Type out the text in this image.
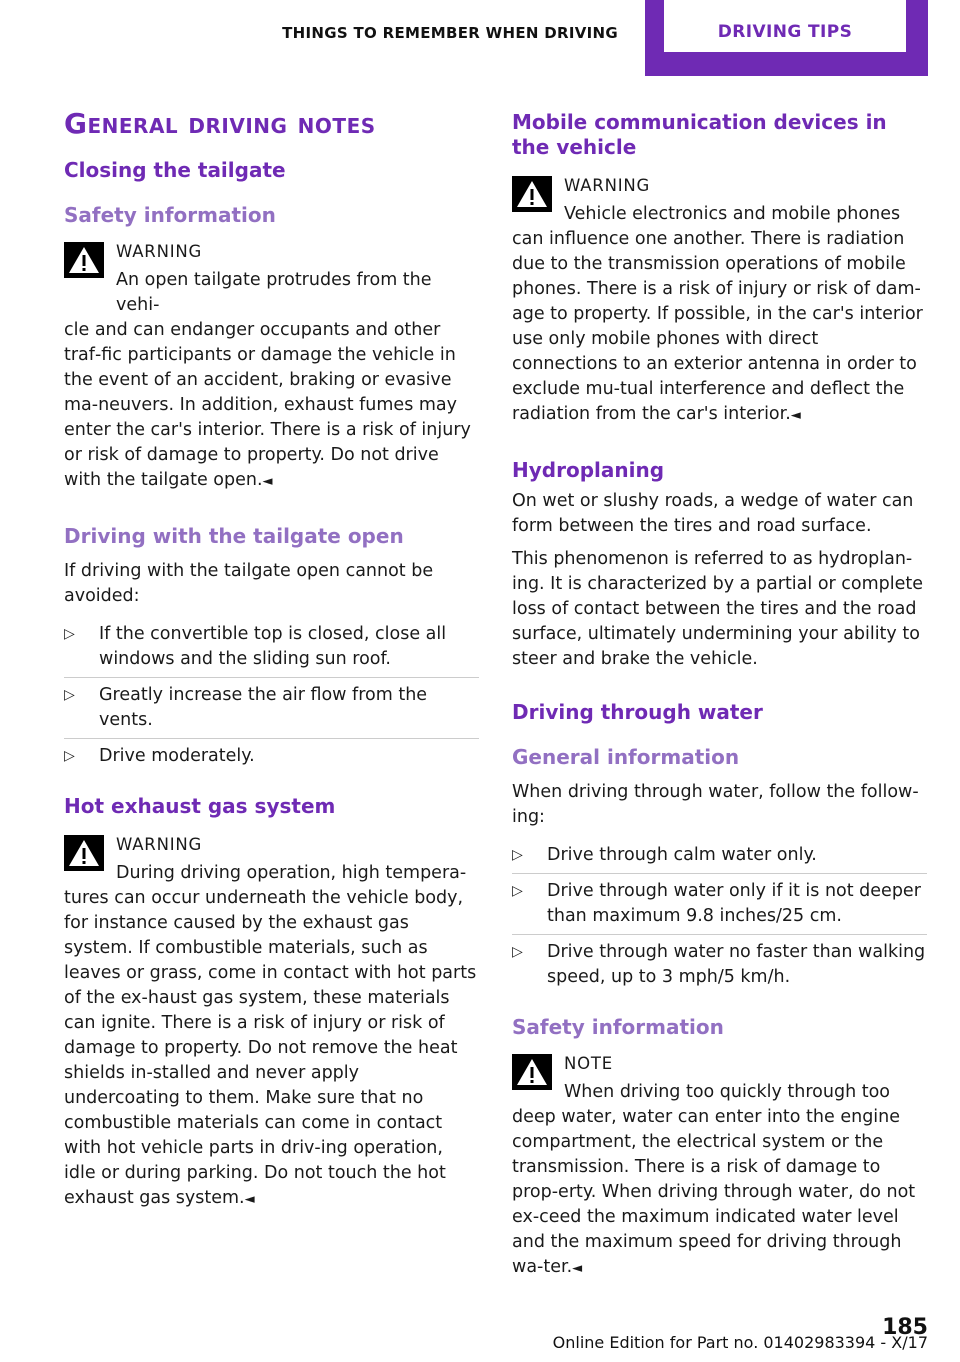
THINGS TO REMEMBER WHEN DRIVING	DRIVING TIPS
General driving notes
Closing the tailgate
Safety information
WARNING
An open tailgate protrudes from the vehi‐
cle and can endanger occupants and other traf‐fic participants or damage the vehicle in the event of an accident, braking or evasive ma‐neuvers. In addition, exhaust fumes may enter the car's interior. There is a risk of injury or risk of damage to property. Do not drive with the tailgate open.◄
Driving with the tailgate open

If driving with the tailgate open cannot be avoided:

▷	If the convertible top is closed, close all windows and the sliding sun roof.
▷	Greatly increase the air flow from the vents.
▷	Drive moderately.
Hot exhaust gas system
WARNING
During driving operation, high tempera‐
tures can occur underneath the vehicle body, for instance caused by the exhaust gas system. If combustible materials, such as leaves or grass, come in contact with hot parts of the ex‐haust gas system, these materials can ignite. There is a risk of injury or risk of damage to property. Do not remove the heat shields in‐stalled and never apply undercoating to them. Make sure that no combustible materials can come in contact with hot vehicle parts in driv‐ing operation, idle or during parking. Do not touch the hot exhaust gas system.◄
Mobile communication devices in the vehicle
WARNING
Vehicle electronics and mobile phones
can influence one another. There is radiation due to the transmission operations of mobile phones. There is a risk of injury or risk of dam‐age to property. If possible, in the car's interior use only mobile phones with direct connections to an exterior antenna in order to exclude mu‐tual interference and deflect the radiation from the car's interior.◄
Hydroplaning

On wet or slushy roads, a wedge of water can form between the tires and road surface.

This phenomenon is referred to as hydroplan‐ing. It is characterized by a partial or complete loss of contact between the tires and the road surface, ultimately undermining your ability to steer and brake the vehicle.

Driving through water
General information

When driving through water, follow the follow‐ing:

▷	Drive through calm water only.
▷	Drive through water only if it is not deeper than maximum 9.8 inches/25 cm.
▷	Drive through water no faster than walking speed, up to 3 mph/5 km/h.
Safety information
NOTE
When driving too quickly through too
deep water, water can enter into the engine compartment, the electrical system or the transmission. There is a risk of damage to prop‐erty. When driving through water, do not ex‐ceed the maximum indicated water level and the maximum speed for driving through wa‐ter.◄
185
Online Edition for Part no. 01402983394 - X/17
